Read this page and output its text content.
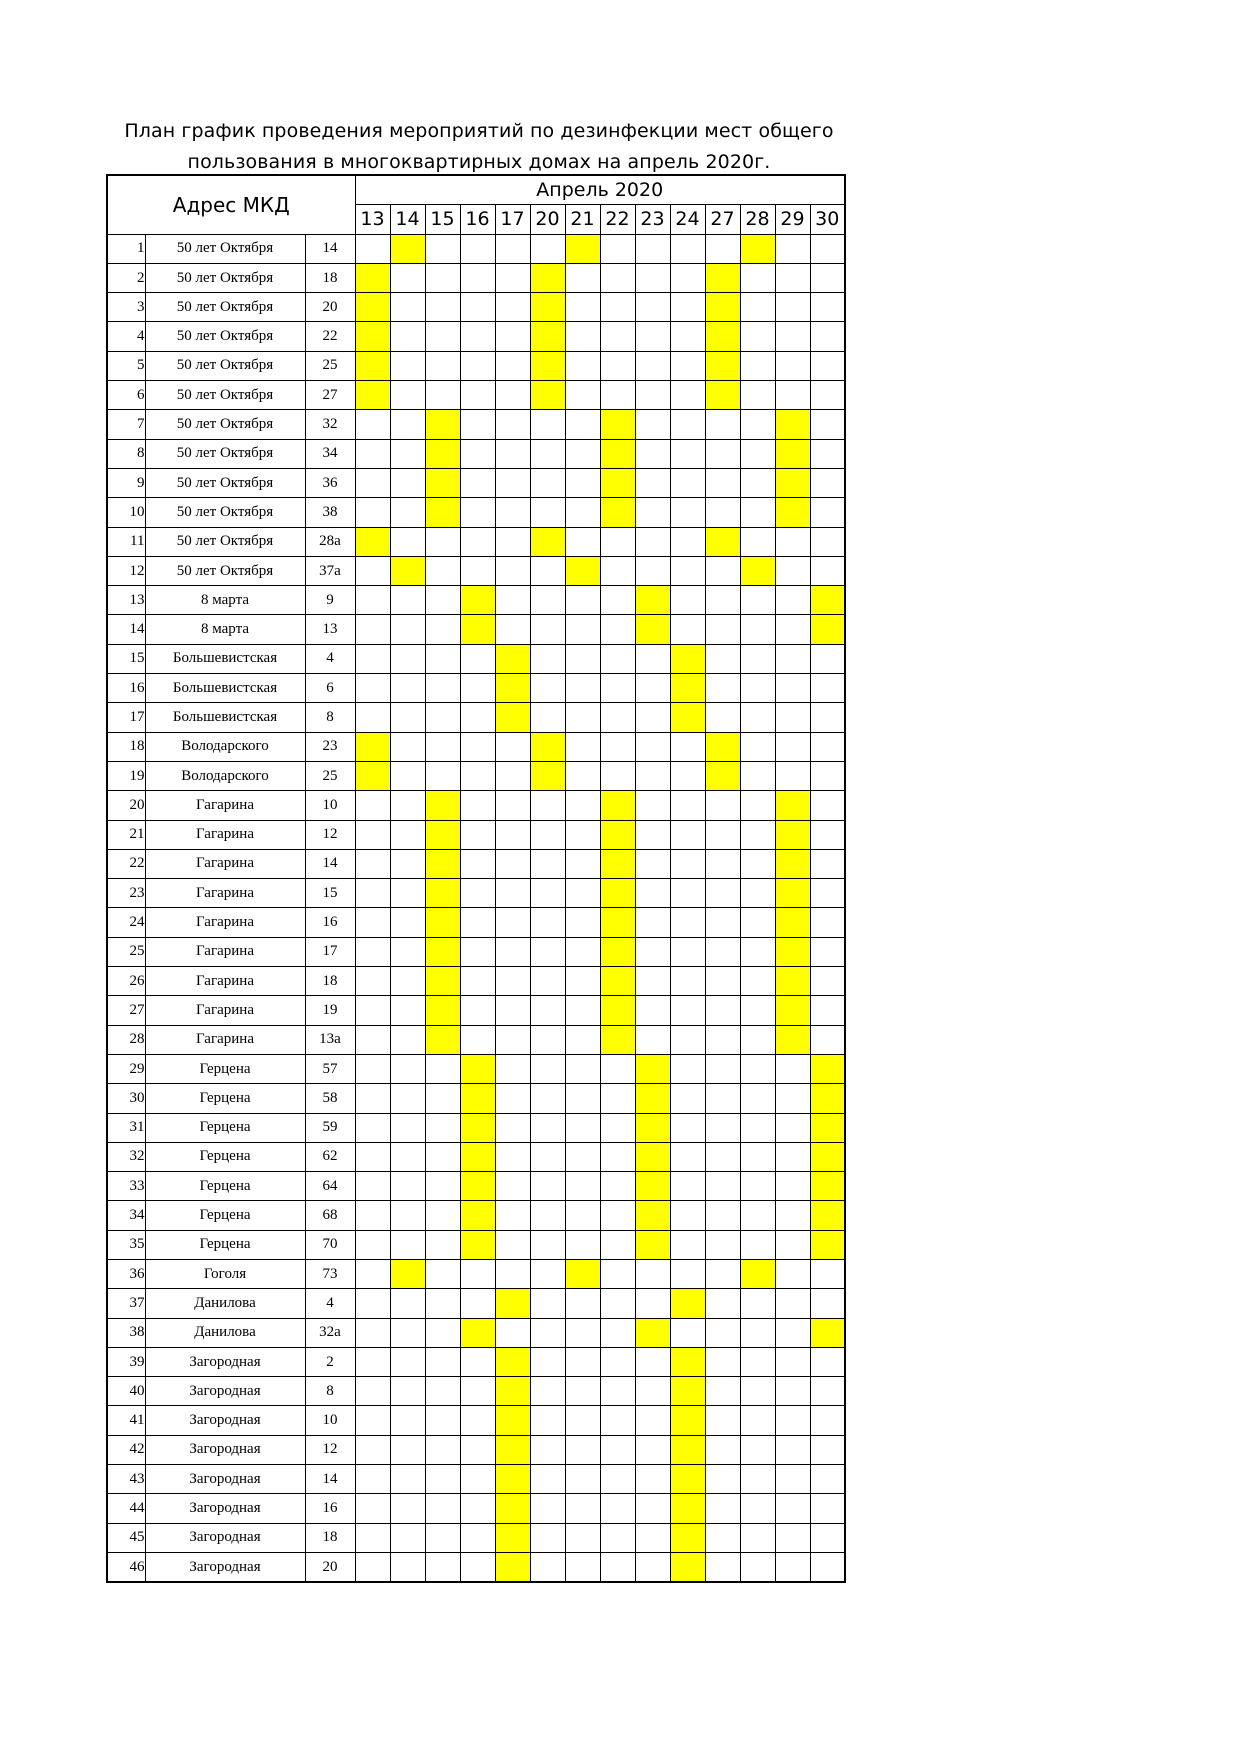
План график проведения мероприятий по дезинфекции мест общего
пользования в многоквартирных домах на апрель 2020г.
Адрес МКД			Апрель 2020													
			13	14	15	16	17	20	21	22	23	24	27	28	29	30
1	50 лет Октября	14														
2	50 лет Октября	18														
3	50 лет Октября	20														
4	50 лет Октября	22														
5	50 лет Октября	25														
6	50 лет Октября	27														
7	50 лет Октября	32														
8	50 лет Октября	34														
9	50 лет Октября	36														
10	50 лет Октября	38														
11	50 лет Октября	28а														
12	50 лет Октября	37а														
13	8 марта	9														
14	8 марта	13														
15	Большевистская	4														
16	Большевистская	6														
17	Большевистская	8														
18	Володарского	23														
19	Володарского	25														
20	Гагарина	10														
21	Гагарина	12														
22	Гагарина	14														
23	Гагарина	15														
24	Гагарина	16														
25	Гагарина	17														
26	Гагарина	18														
27	Гагарина	19														
28	Гагарина	13а														
29	Герцена	57														
30	Герцена	58														
31	Герцена	59														
32	Герцена	62														
33	Герцена	64														
34	Герцена	68														
35	Герцена	70														
36	Гоголя	73														
37	Данилова	4														
38	Данилова	32а														
39	Загородная	2														
40	Загородная	8														
41	Загородная	10														
42	Загородная	12														
43	Загородная	14														
44	Загородная	16														
45	Загородная	18														
46	Загородная	20														
